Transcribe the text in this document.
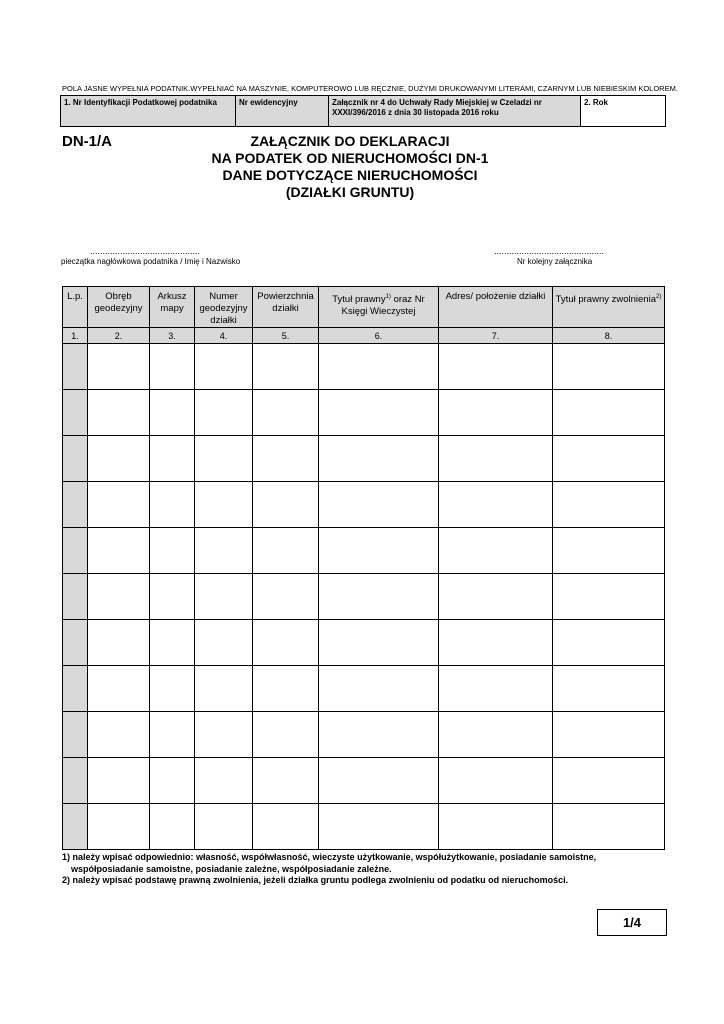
POLA JASNE WYPEŁNIA PODATNIK.WYPEŁNIAĆ NA MASZYNIE, KOMPUTEROWO LUB RĘCZNIE, DUŻYMI DRUKOWANYMI LITERAMI, CZARNYM LUB NIEBIESKIM KOLOREM.
1. Nr Identyfikacji Podatkowej podatnika	Nr ewidencyjny	Załącznik nr 4 do Uchwały Rady Miejskiej w Czeladzi nr XXXI/396/2016 z dnia 30 listopada 2016 roku	2. Rok
DN-1/A	ZAŁĄCZNIK DO DEKLARACJI
NA PODATEK OD NIERUCHOMOŚCI DN-1
DANE DOTYCZĄCE NIERUCHOMOŚCI
(DZIAŁKI GRUNTU)
............................................
pieczątka nagłówkowa podatnika / Imię i Nazwisko
............................................
Nr kolejny załącznika
L.p.	Obręb geodezyjny	Arkusz mapy	Numer geodezyjny działki	Powierzchnia działki	Tytuł prawny$^{1)}$ oraz Nr Księgi Wieczystej	Adres/ położenie działki	Tytuł prawny zwolnienia$^{2)}$
1.	2.	3.	4.	5.	6.	7.	8.

1) należy wpisać odpowiednio: własność, współwłasność, wieczyste użytkowanie, współużytkowanie, posiadanie samoistne,
współposiadanie samoistne, posiadanie zależne, współposiadanie zależne.
2) należy wpisać podstawę prawną zwolnienia, jeżeli działka gruntu podlega zwolnieniu od podatku od nieruchomości.
1/4
